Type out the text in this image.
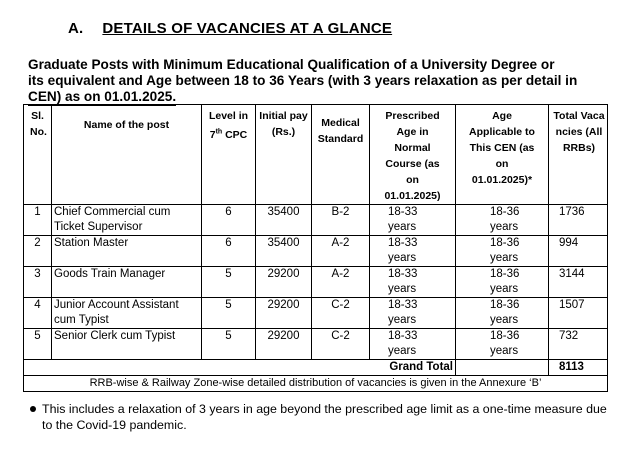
A. DETAILS OF VACANCIES AT A GLANCE
Graduate Posts with Minimum Educational Qualification of a University Degree or
its equivalent and Age between 18 to 36 Years (with 3 years relaxation as per detail in
CEN) as on 01.01.2025.
Sl. No.	Name of the post	Level in 7th CPC	Initial pay (Rs.)	Medical Standard	Prescribed Age in Normal Course (as on 01.01.2025)	Age Applicable to This CEN (as on 01.01.2025)*	Total Vacancies (All RRBs)
1	Chief Commercial cum Ticket Supervisor	6	35400	B-2	18-33 years	18-36 years	1736
2	Station Master	6	35400	A-2	18-33 years	18-36 years	994
3	Goods Train Manager	5	29200	A-2	18-33 years	18-36 years	3144
4	Junior Account Assistant cum Typist	5	29200	C-2	18-33 years	18-36 years	1507
5	Senior Clerk cum Typist	5	29200	C-2	18-33 years	18-36 years	732
Grand Total							8113
RRB-wise & Railway Zone-wise detailed distribution of vacancies is given in the Annexure ‘B’							
This includes a relaxation of 3 years in age beyond the prescribed age limit as a one-time measure due to the Covid-19 pandemic.
